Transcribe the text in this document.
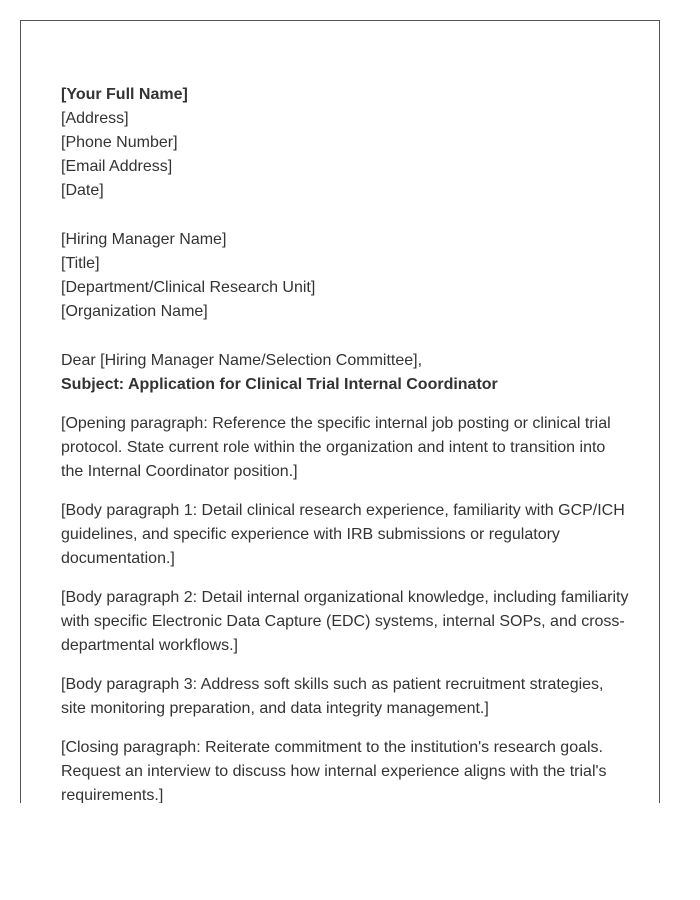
[Your Full Name]
[Address]
[Phone Number]
[Email Address]
[Date]
[Hiring Manager Name]
[Title]
[Department/Clinical Research Unit]
[Organization Name]
Dear [Hiring Manager Name/Selection Committee],
Subject: Application for Clinical Trial Internal Coordinator

[Opening paragraph: Reference the specific internal job posting or clinical trial protocol. State current role within the organization and intent to transition into the Internal Coordinator position.]

[Body paragraph 1: Detail clinical research experience, familiarity with GCP/ICH guidelines, and specific experience with IRB submissions or regulatory documentation.]

[Body paragraph 2: Detail internal organizational knowledge, including familiarity with specific Electronic Data Capture (EDC) systems, internal SOPs, and cross-departmental workflows.]

[Body paragraph 3: Address soft skills such as patient recruitment strategies, site monitoring preparation, and data integrity management.]

[Closing paragraph: Reiterate commitment to the institution's research goals. Request an interview to discuss how internal experience aligns with the trial's requirements.]
